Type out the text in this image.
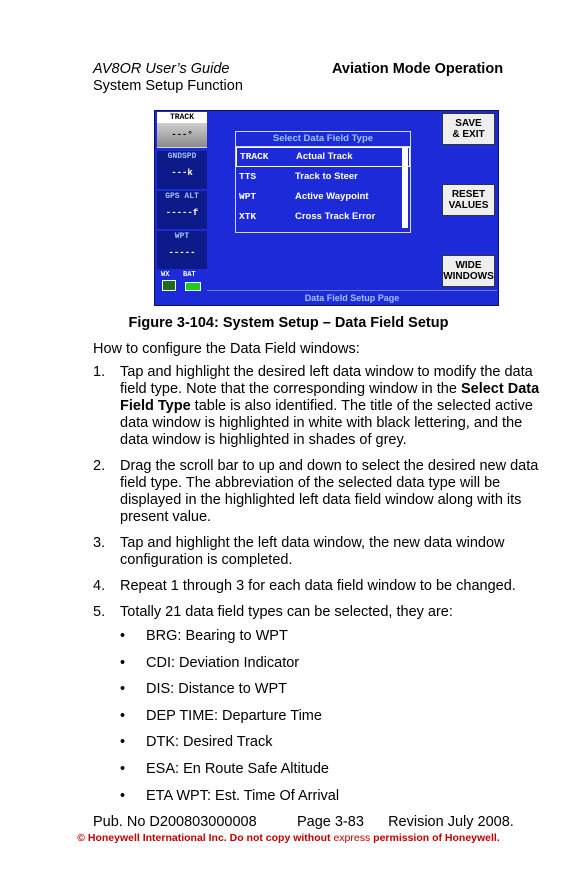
AV8OR User’s Guide
System Setup Function
Aviation Mode Operation
TRACK
---°
GNDSPD
---k
GPS ALT
-----f
WPT
-----
WX BAT
Select Data Field Type
TRACK	Actual Track
TTS	Track to Steer
WPT	Active Waypoint
XTK	Cross Track Error
SAVE
& EXIT
RESET
VALUES
WIDE
WINDOWS
Data Field Setup Page
Figure 3-104: System Setup – Data Field Setup
How to configure the Data Field windows:
1.	Tap and highlight the desired left data window to modify the data field type. Note that the corresponding window in the Select Data Field Type table is also identified. The title of the selected active data window is highlighted in white with black lettering, and the data window is highlighted in shades of grey.
2.	Drag the scroll bar to up and down to select the desired new data field type. The abbreviation of the selected data type will be displayed in the highlighted left data field window along with its present value.
3.	Tap and highlight the left data window, the new data window configuration is completed.
4.	Repeat 1 through 3 for each data field window to be changed.
5.	Totally 21 data field types can be selected, they are:
•	BRG: Bearing to WPT
•	CDI: Deviation Indicator
•	DIS: Distance to WPT
•	DEP TIME: Departure Time
•	DTK: Desired Track
•	ESA: En Route Safe Altitude
•	ETA WPT: Est. Time Of Arrival
Pub. No D200803000008	Page 3-83 Revision July 2008.
© Honeywell International Inc. Do not copy without express permission of Honeywell.
